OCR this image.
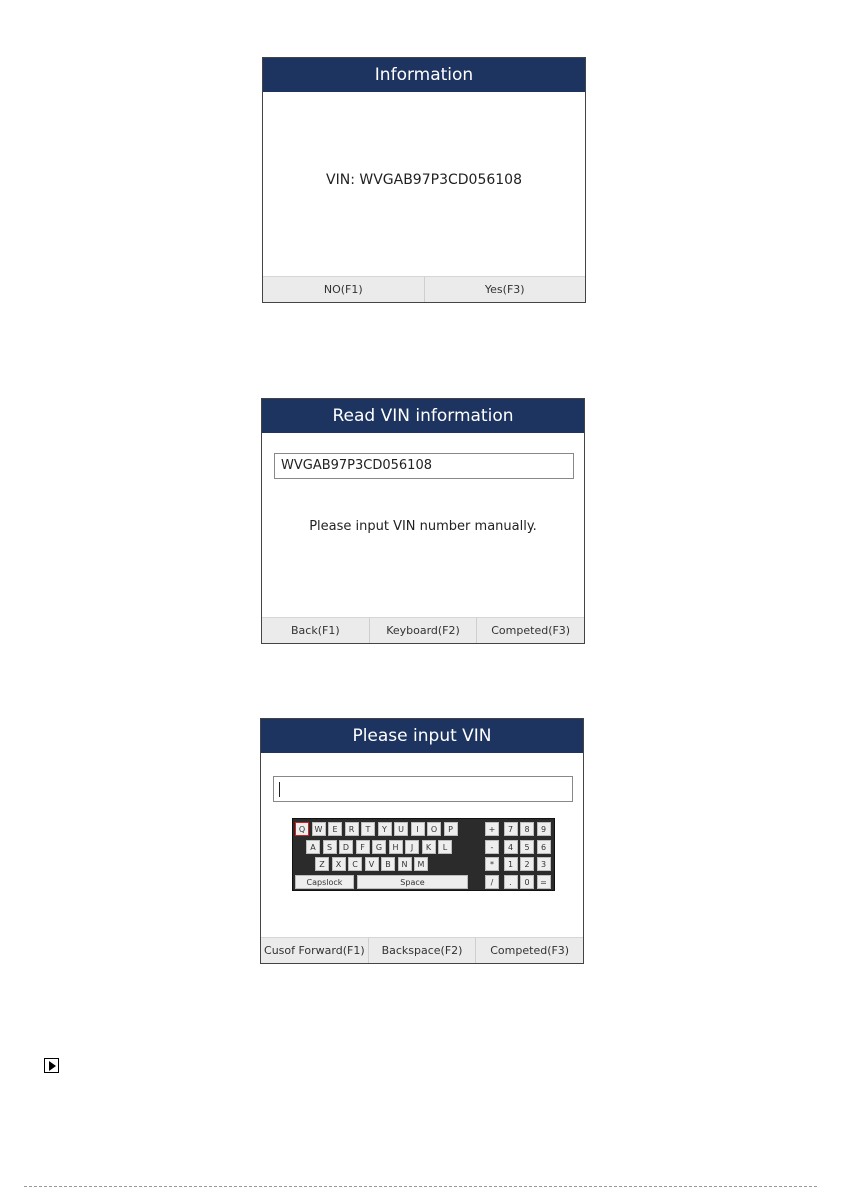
Information
VIN: WVGAB97P3CD056108
NO(F1)	Yes(F3)
Read VIN information
WVGAB97P3CD056108
Please input VIN number manually.
Back(F1)	Keyboard(F2)	Competed(F3)
Please input VIN
Q	W	E	R	T	Y	U	I	O	P
A	S	D	F	G	H	J	K	L
Z	X	C	V	B	N	M
Capslock	Space
+	7	8	9
-	4	5	6
*	1	2	3
/	.	0	=
Cusof Forward(F1)	Backspace(F2)	Competed(F3)
